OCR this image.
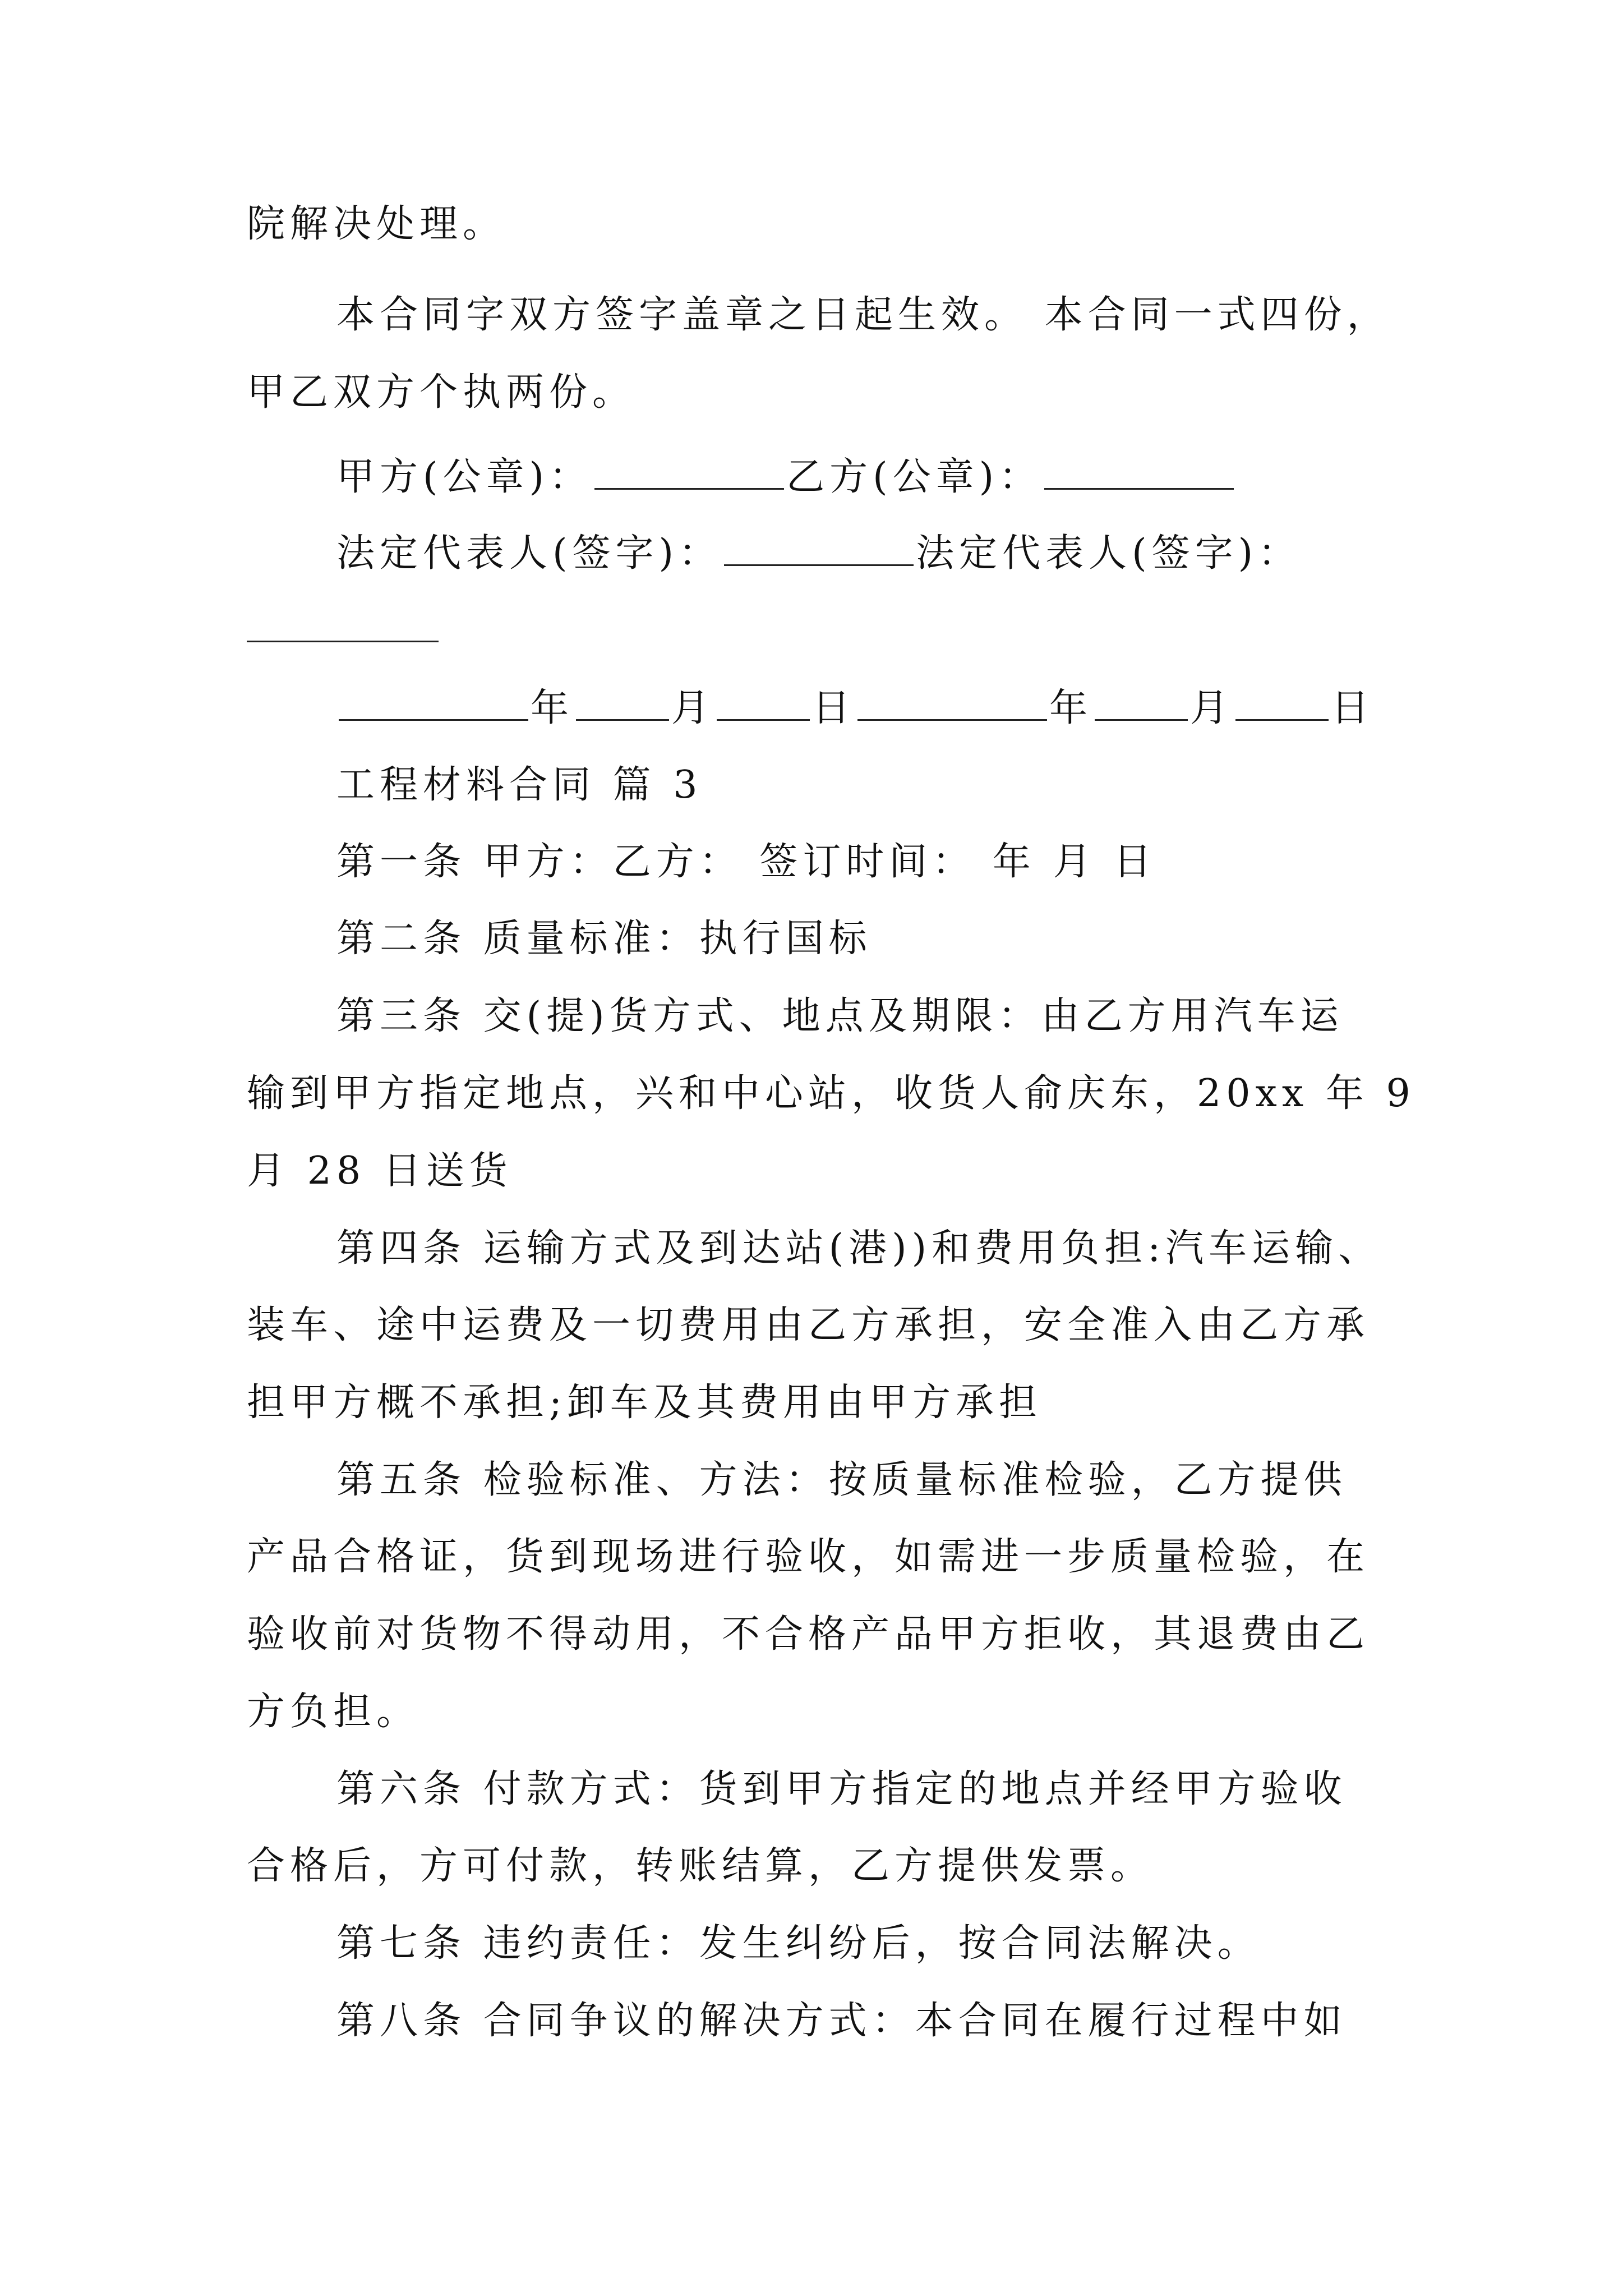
院解决处理。
本合同字双方签字盖章之日起生效。 本合同一式四份，
甲乙双方个执两份。
甲方(公章)：	乙方(公章)：
法定代表人(签字)：	法定代表人(签字)：
年	月	日	年	月	日
工程材料合同 篇 3
第一条 甲方：乙方： 签订时间： 年 月 日
第二条 质量标准：执行国标
第三条 交(提)货方式、地点及期限：由乙方用汽车运
输到甲方指定地点，兴和中心站，收货人俞庆东，20xx 年 9
月 28 日送货
第四条 运输方式及到达站(港))和费用负担:汽车运输、
装车、途中运费及一切费用由乙方承担，安全准入由乙方承
担甲方概不承担;卸车及其费用由甲方承担
第五条 检验标准、方法：按质量标准检验，乙方提供
产品合格证，货到现场进行验收，如需进一步质量检验，在
验收前对货物不得动用，不合格产品甲方拒收，其退费由乙
方负担。
第六条 付款方式：货到甲方指定的地点并经甲方验收
合格后，方可付款，转账结算，乙方提供发票。
第七条 违约责任：发生纠纷后，按合同法解决。
第八条 合同争议的解决方式：本合同在履行过程中如
